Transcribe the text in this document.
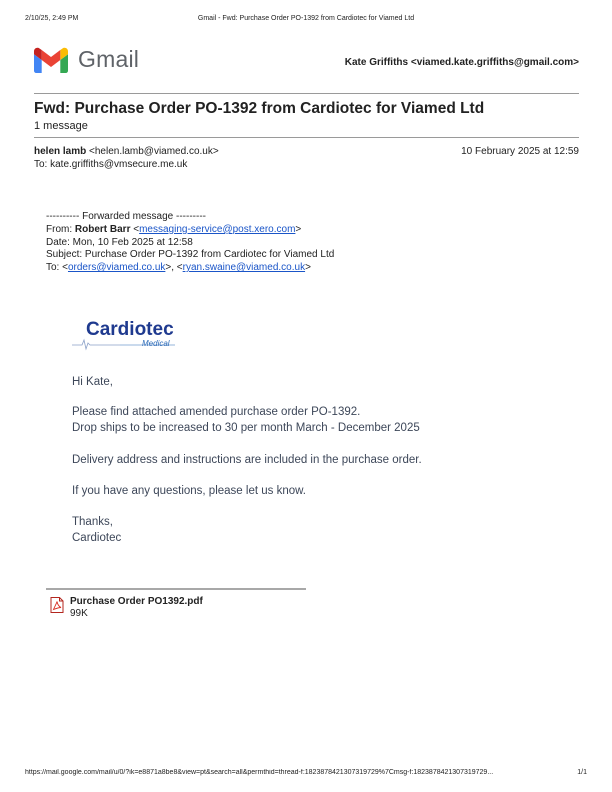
2/10/25, 2:49 PM	Gmail - Fwd: Purchase Order PO-1392 from Cardiotec for Viamed Ltd
Gmail	Kate Griffiths <viamed.kate.griffiths@gmail.com>
Fwd: Purchase Order PO-1392 from Cardiotec for Viamed Ltd
1 message
helen lamb <helen.lamb@viamed.co.uk>	10 February 2025 at 12:59
To: kate.griffiths@vmsecure.me.uk
---------- Forwarded message ---------
From: Robert Barr <messaging-service@post.xero.com>
Date: Mon, 10 Feb 2025 at 12:58
Subject: Purchase Order PO-1392 from Cardiotec for Viamed Ltd
To: <orders@viamed.co.uk>, <ryan.swaine@viamed.co.uk>
Cardiotec
Medical
Hi Kate,
Please find attached amended purchase order PO-1392.
Drop ships to be increased to 30 per month March - December 2025
Delivery address and instructions are included in the purchase order.
If you have any questions, please let us know.
Thanks,
Cardiotec
Purchase Order PO1392.pdf
99K
https://mail.google.com/mail/u/0/?ik=e8871a8be8&view=pt&search=all&permthid=thread-f:1823878421307319729%7Cmsg-f:1823878421307319729...	1/1
